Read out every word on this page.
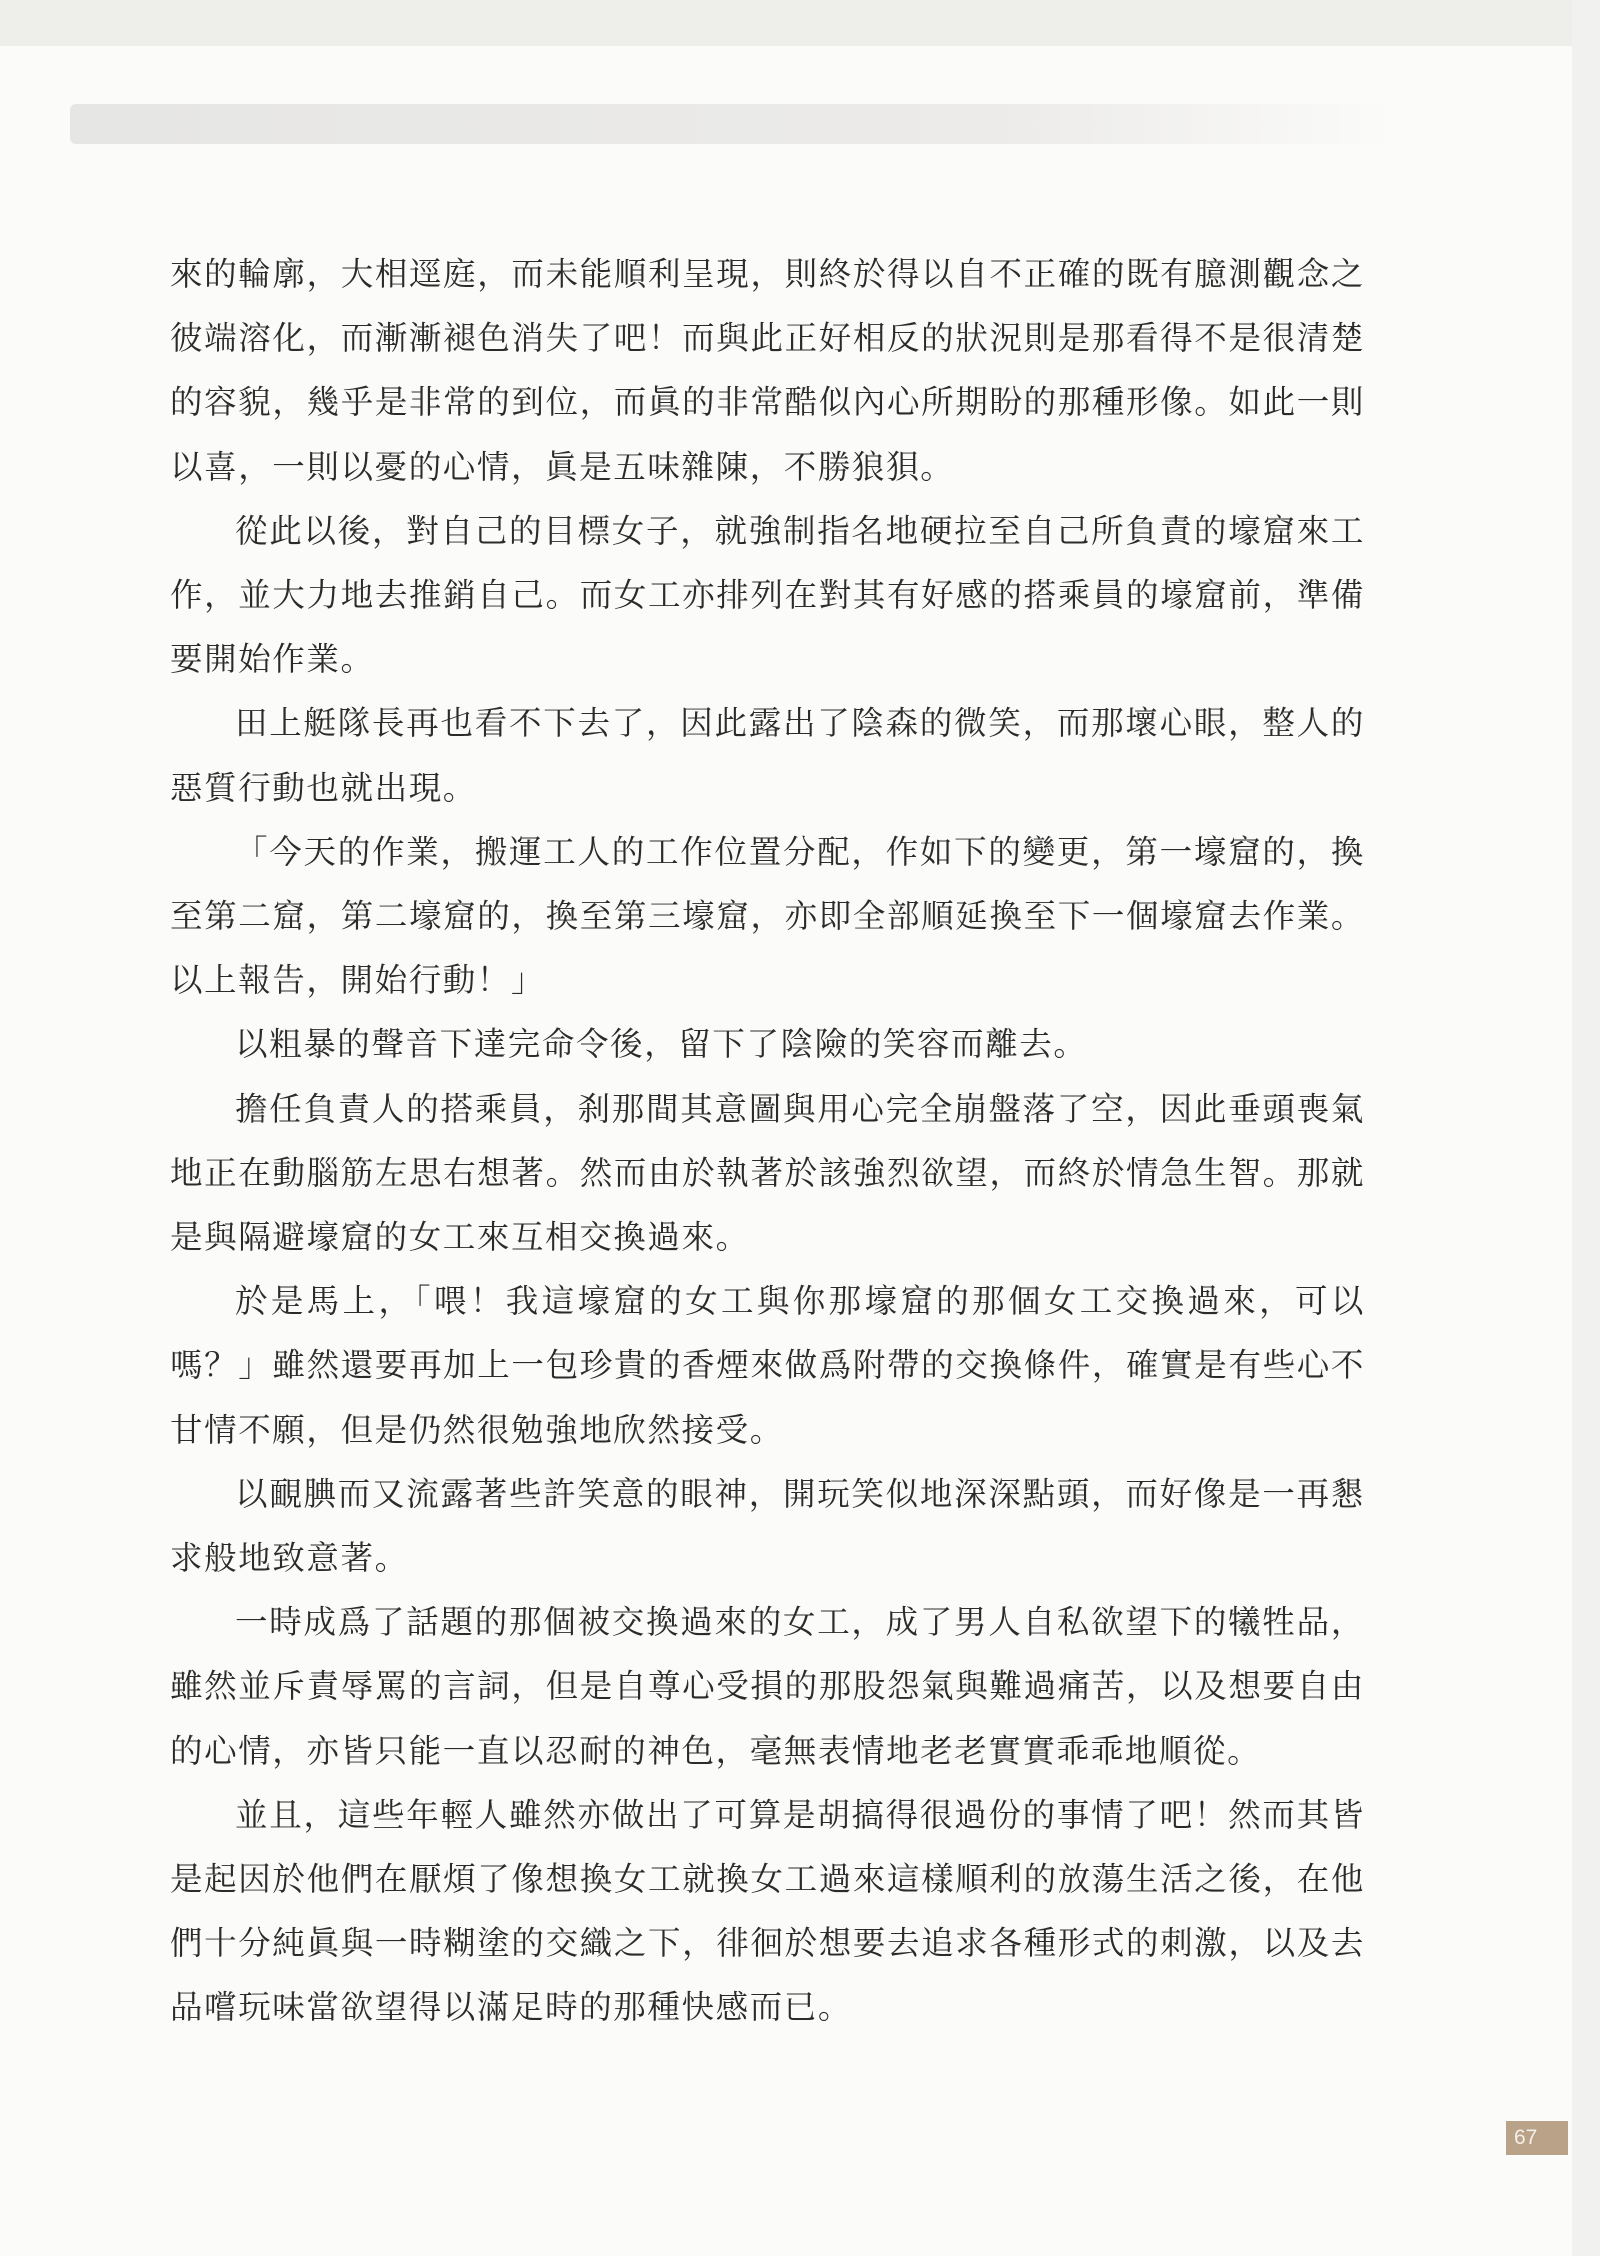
來的輪廓，大相逕庭，而未能順利呈現，則終於得以自不正確的既有臆測觀念之彼端溶化，而漸漸褪色消失了吧！而與此正好相反的狀況則是那看得不是很清楚的容貌，幾乎是非常的到位，而眞的非常酷似內心所期盼的那種形像。如此一則以喜，一則以憂的心情，眞是五味雜陳，不勝狼狽。

從此以後，對自己的目標女子，就強制指名地硬拉至自己所負責的壕窟來工作，並大力地去推銷自己。而女工亦排列在對其有好感的搭乘員的壕窟前，準備要開始作業。

田上艇隊長再也看不下去了，因此露出了陰森的微笑，而那壞心眼，整人的惡質行動也就出現。

「今天的作業，搬運工人的工作位置分配，作如下的變更，第一壕窟的，換至第二窟，第二壕窟的，換至第三壕窟，亦即全部順延換至下一個壕窟去作業。以上報告，開始行動！」

以粗暴的聲音下達完命令後，留下了陰險的笑容而離去。

擔任負責人的搭乘員，刹那間其意圖與用心完全崩盤落了空，因此垂頭喪氣地正在動腦筋左思右想著。然而由於執著於該強烈欲望，而終於情急生智。那就是與隔避壕窟的女工來互相交換過來。

於是馬上，「喂！我這壕窟的女工與你那壕窟的那個女工交換過來，可以嗎？」雖然還要再加上一包珍貴的香煙來做爲附帶的交換條件，確實是有些心不甘情不願，但是仍然很勉強地欣然接受。

以靦腆而又流露著些許笑意的眼神，開玩笑似地深深點頭，而好像是一再懇求般地致意著。

一時成爲了話題的那個被交換過來的女工，成了男人自私欲望下的犧牲品，雖然並斥責辱罵的言詞，但是自尊心受損的那股怨氣與難過痛苦，以及想要自由的心情，亦皆只能一直以忍耐的神色，毫無表情地老老實實乖乖地順從。

並且，這些年輕人雖然亦做出了可算是胡搞得很過份的事情了吧！然而其皆是起因於他們在厭煩了像想換女工就換女工過來這樣順利的放蕩生活之後，在他們十分純眞與一時糊塗的交織之下，徘徊於想要去追求各種形式的刺激，以及去品嚐玩味當欲望得以滿足時的那種快感而已。

67
